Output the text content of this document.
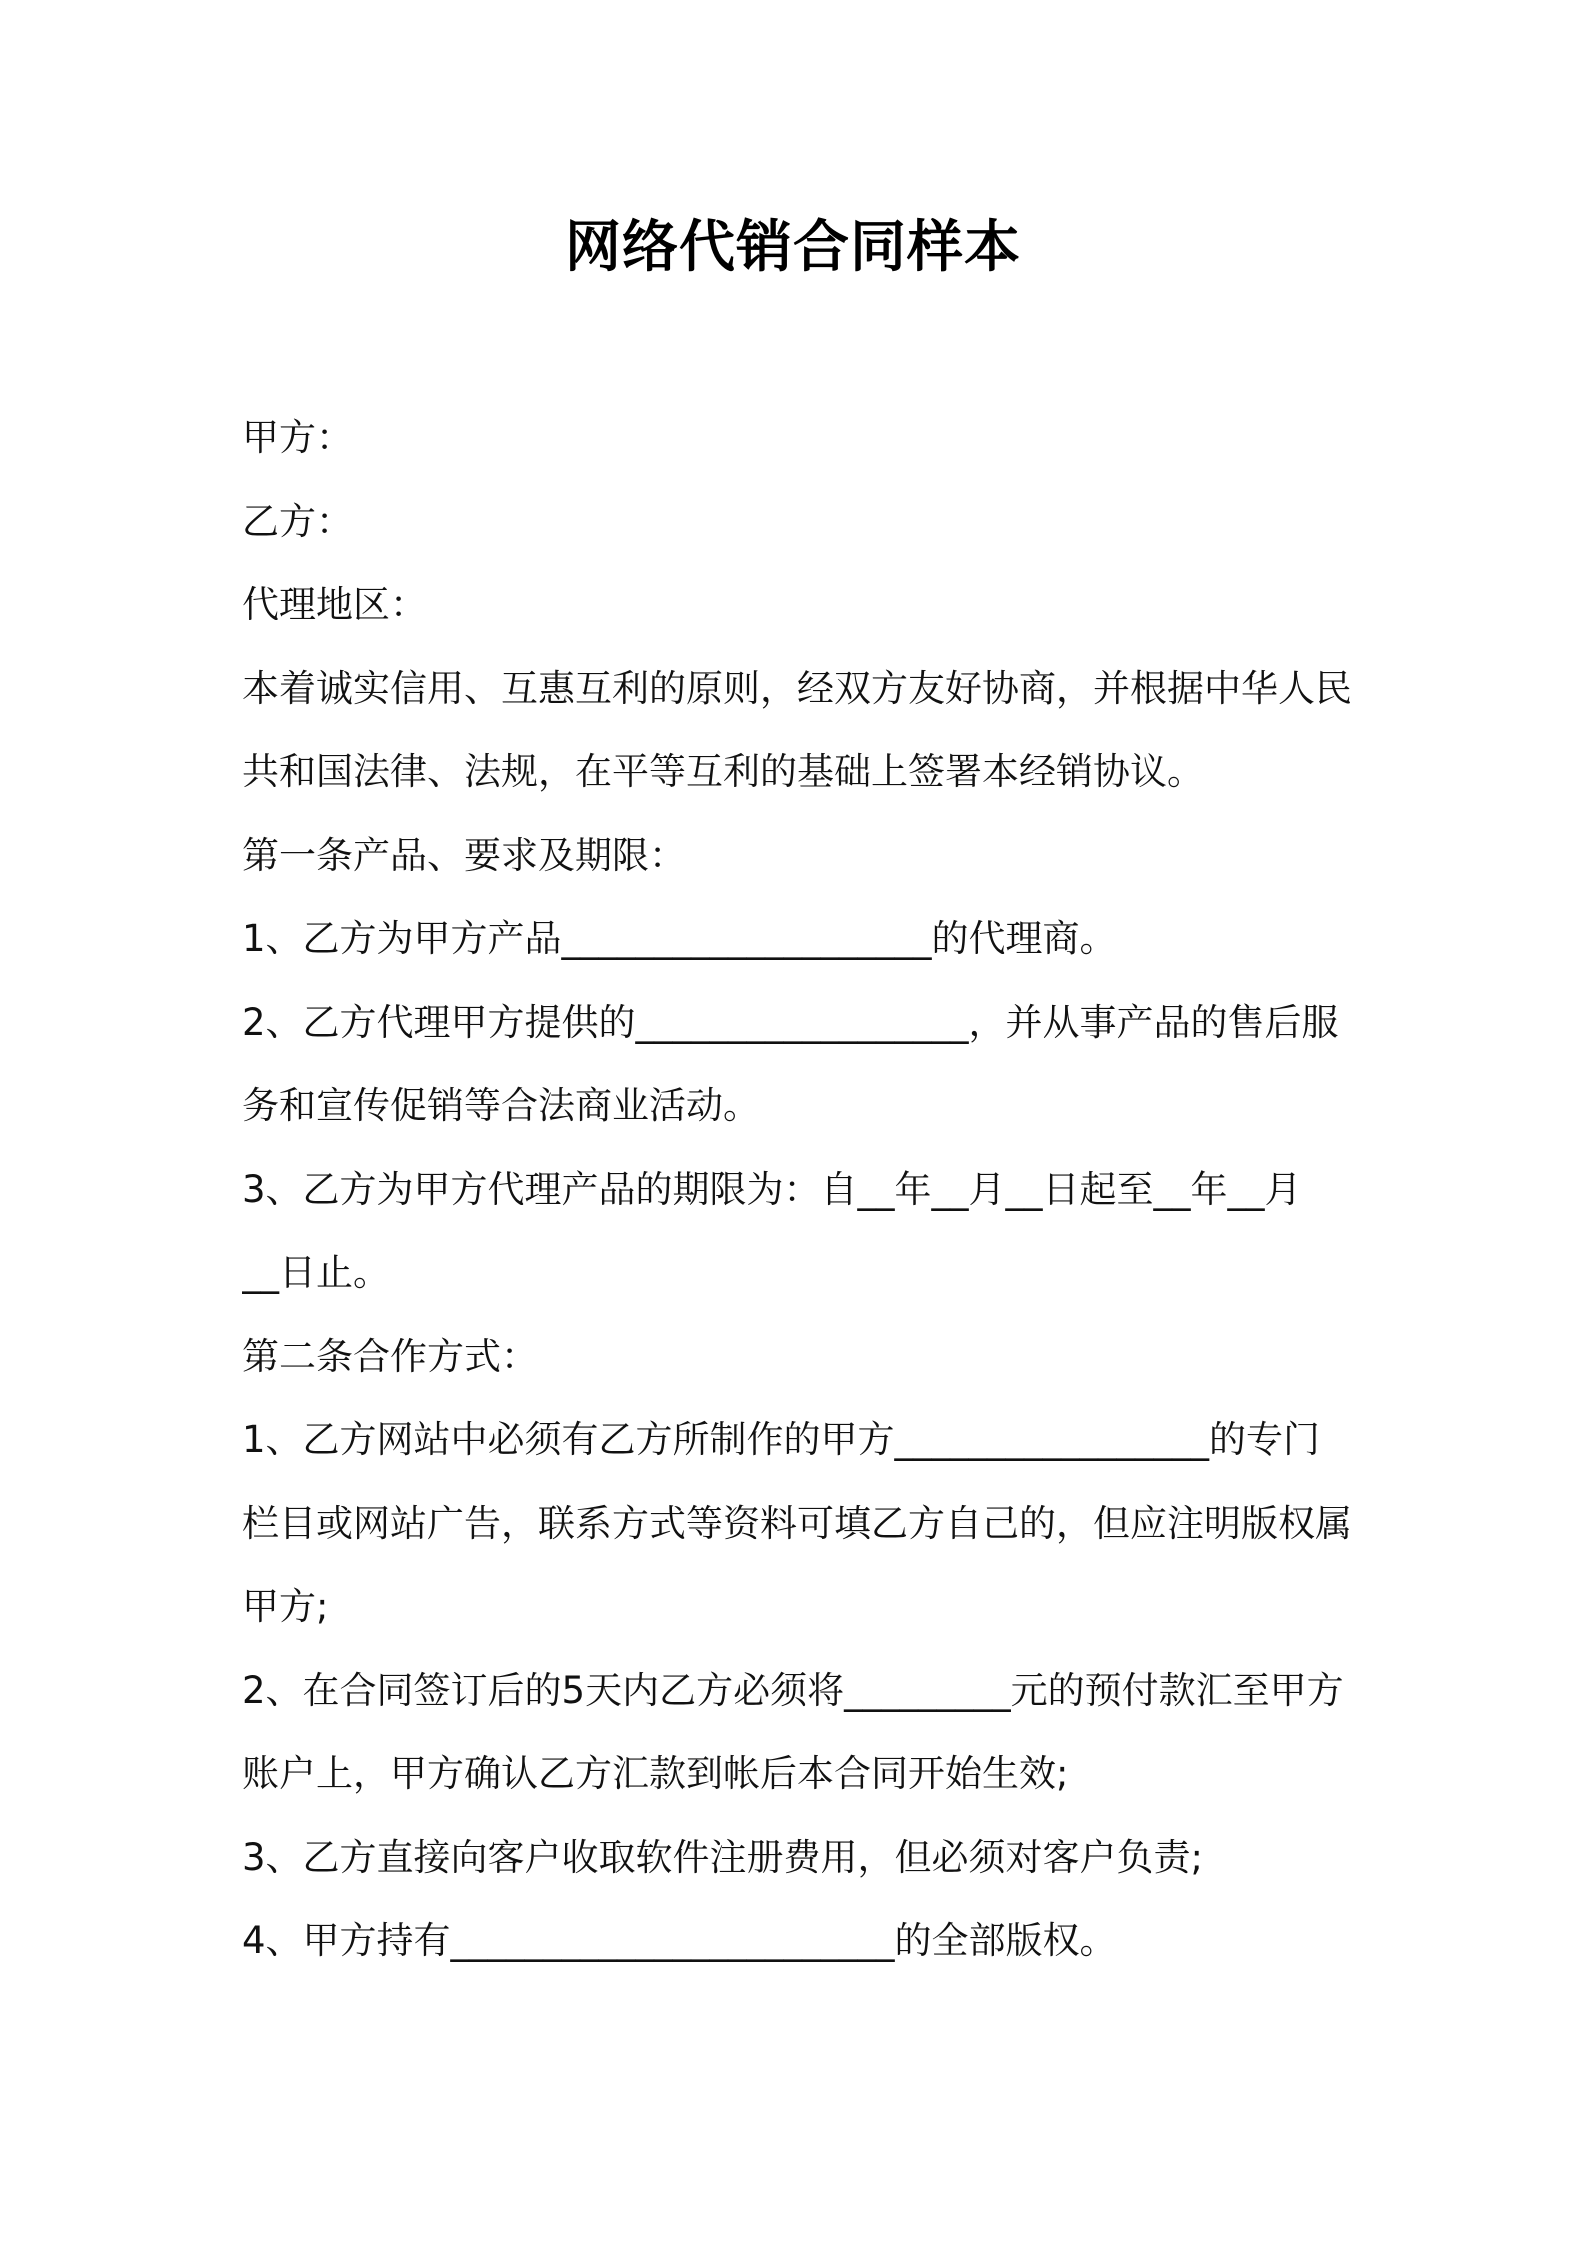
网络代销合同样本
甲方：
乙方：
代理地区：
本着诚实信用、互惠互利的原则，经双方友好协商，并根据中华人民
共和国法律、法规，在平等互利的基础上签署本经销协议。
第一条产品、要求及期限：
1、乙方为甲方产品____________________的代理商。
2、乙方代理甲方提供的__________________，并从事产品的售后服
务和宣传促销等合法商业活动。
3、乙方为甲方代理产品的期限为：自__年__月__日起至__年__月
__日止。
第二条合作方式：
1、乙方网站中必须有乙方所制作的甲方_________________的专门
栏目或网站广告，联系方式等资料可填乙方自己的，但应注明版权属
甲方;
2、在合同签订后的5天内乙方必须将_________元的预付款汇至甲方
账户上，甲方确认乙方汇款到帐后本合同开始生效;
3、乙方直接向客户收取软件注册费用，但必须对客户负责;
4、甲方持有________________________的全部版权。
